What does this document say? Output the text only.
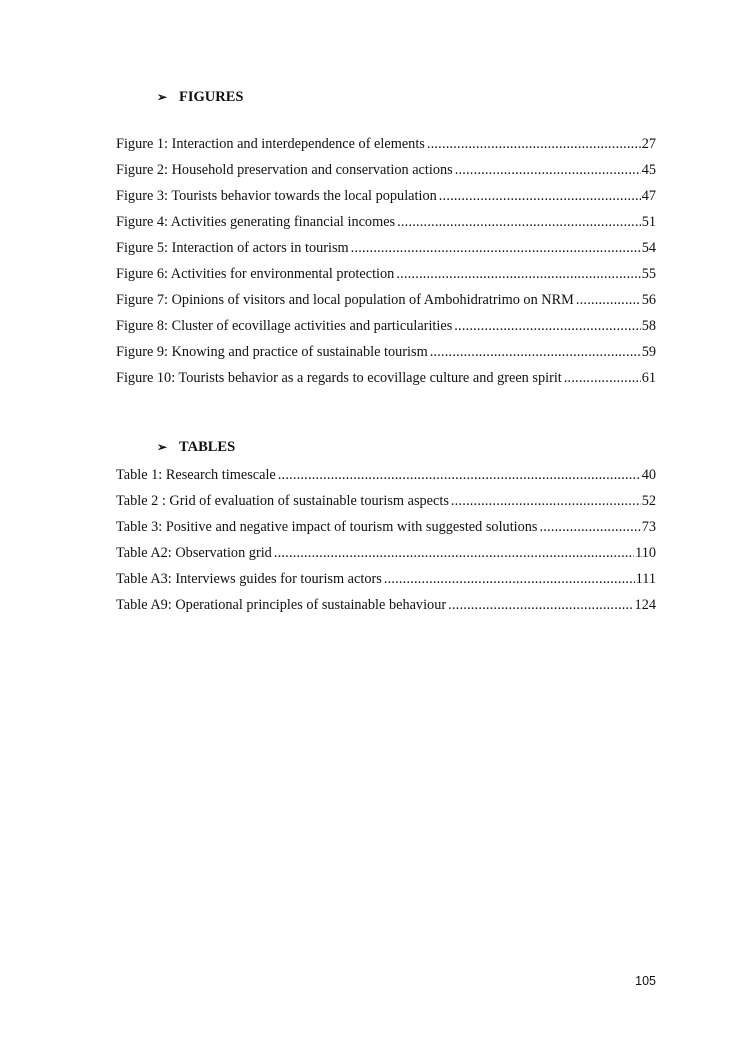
➢ FIGURES
Figure 1: Interaction and interdependence of elements .....	27
Figure 2: Household preservation and conservation actions .....	45
Figure 3: Tourists behavior towards the local population .....	47
Figure 4: Activities generating financial incomes .....	51
Figure 5: Interaction of actors in tourism .....	54
Figure 6: Activities for environmental protection .....	55
Figure 7: Opinions of visitors and local population of Ambohidratrimo on NRM .....	56
Figure 8: Cluster of ecovillage activities and particularities .....	58
Figure 9: Knowing and practice of sustainable tourism .....	59
Figure 10: Tourists behavior as a regards to ecovillage culture and green spirit .....	61
➢ TABLES
Table 1: Research timescale .....	40
Table 2 : Grid of evaluation of sustainable tourism aspects .....	52
Table 3: Positive and negative impact of tourism with suggested solutions .....	73
Table A2: Observation grid .....	110
Table A3: Interviews guides for tourism actors .....	111
Table A9: Operational principles of sustainable behaviour .....	124
105
